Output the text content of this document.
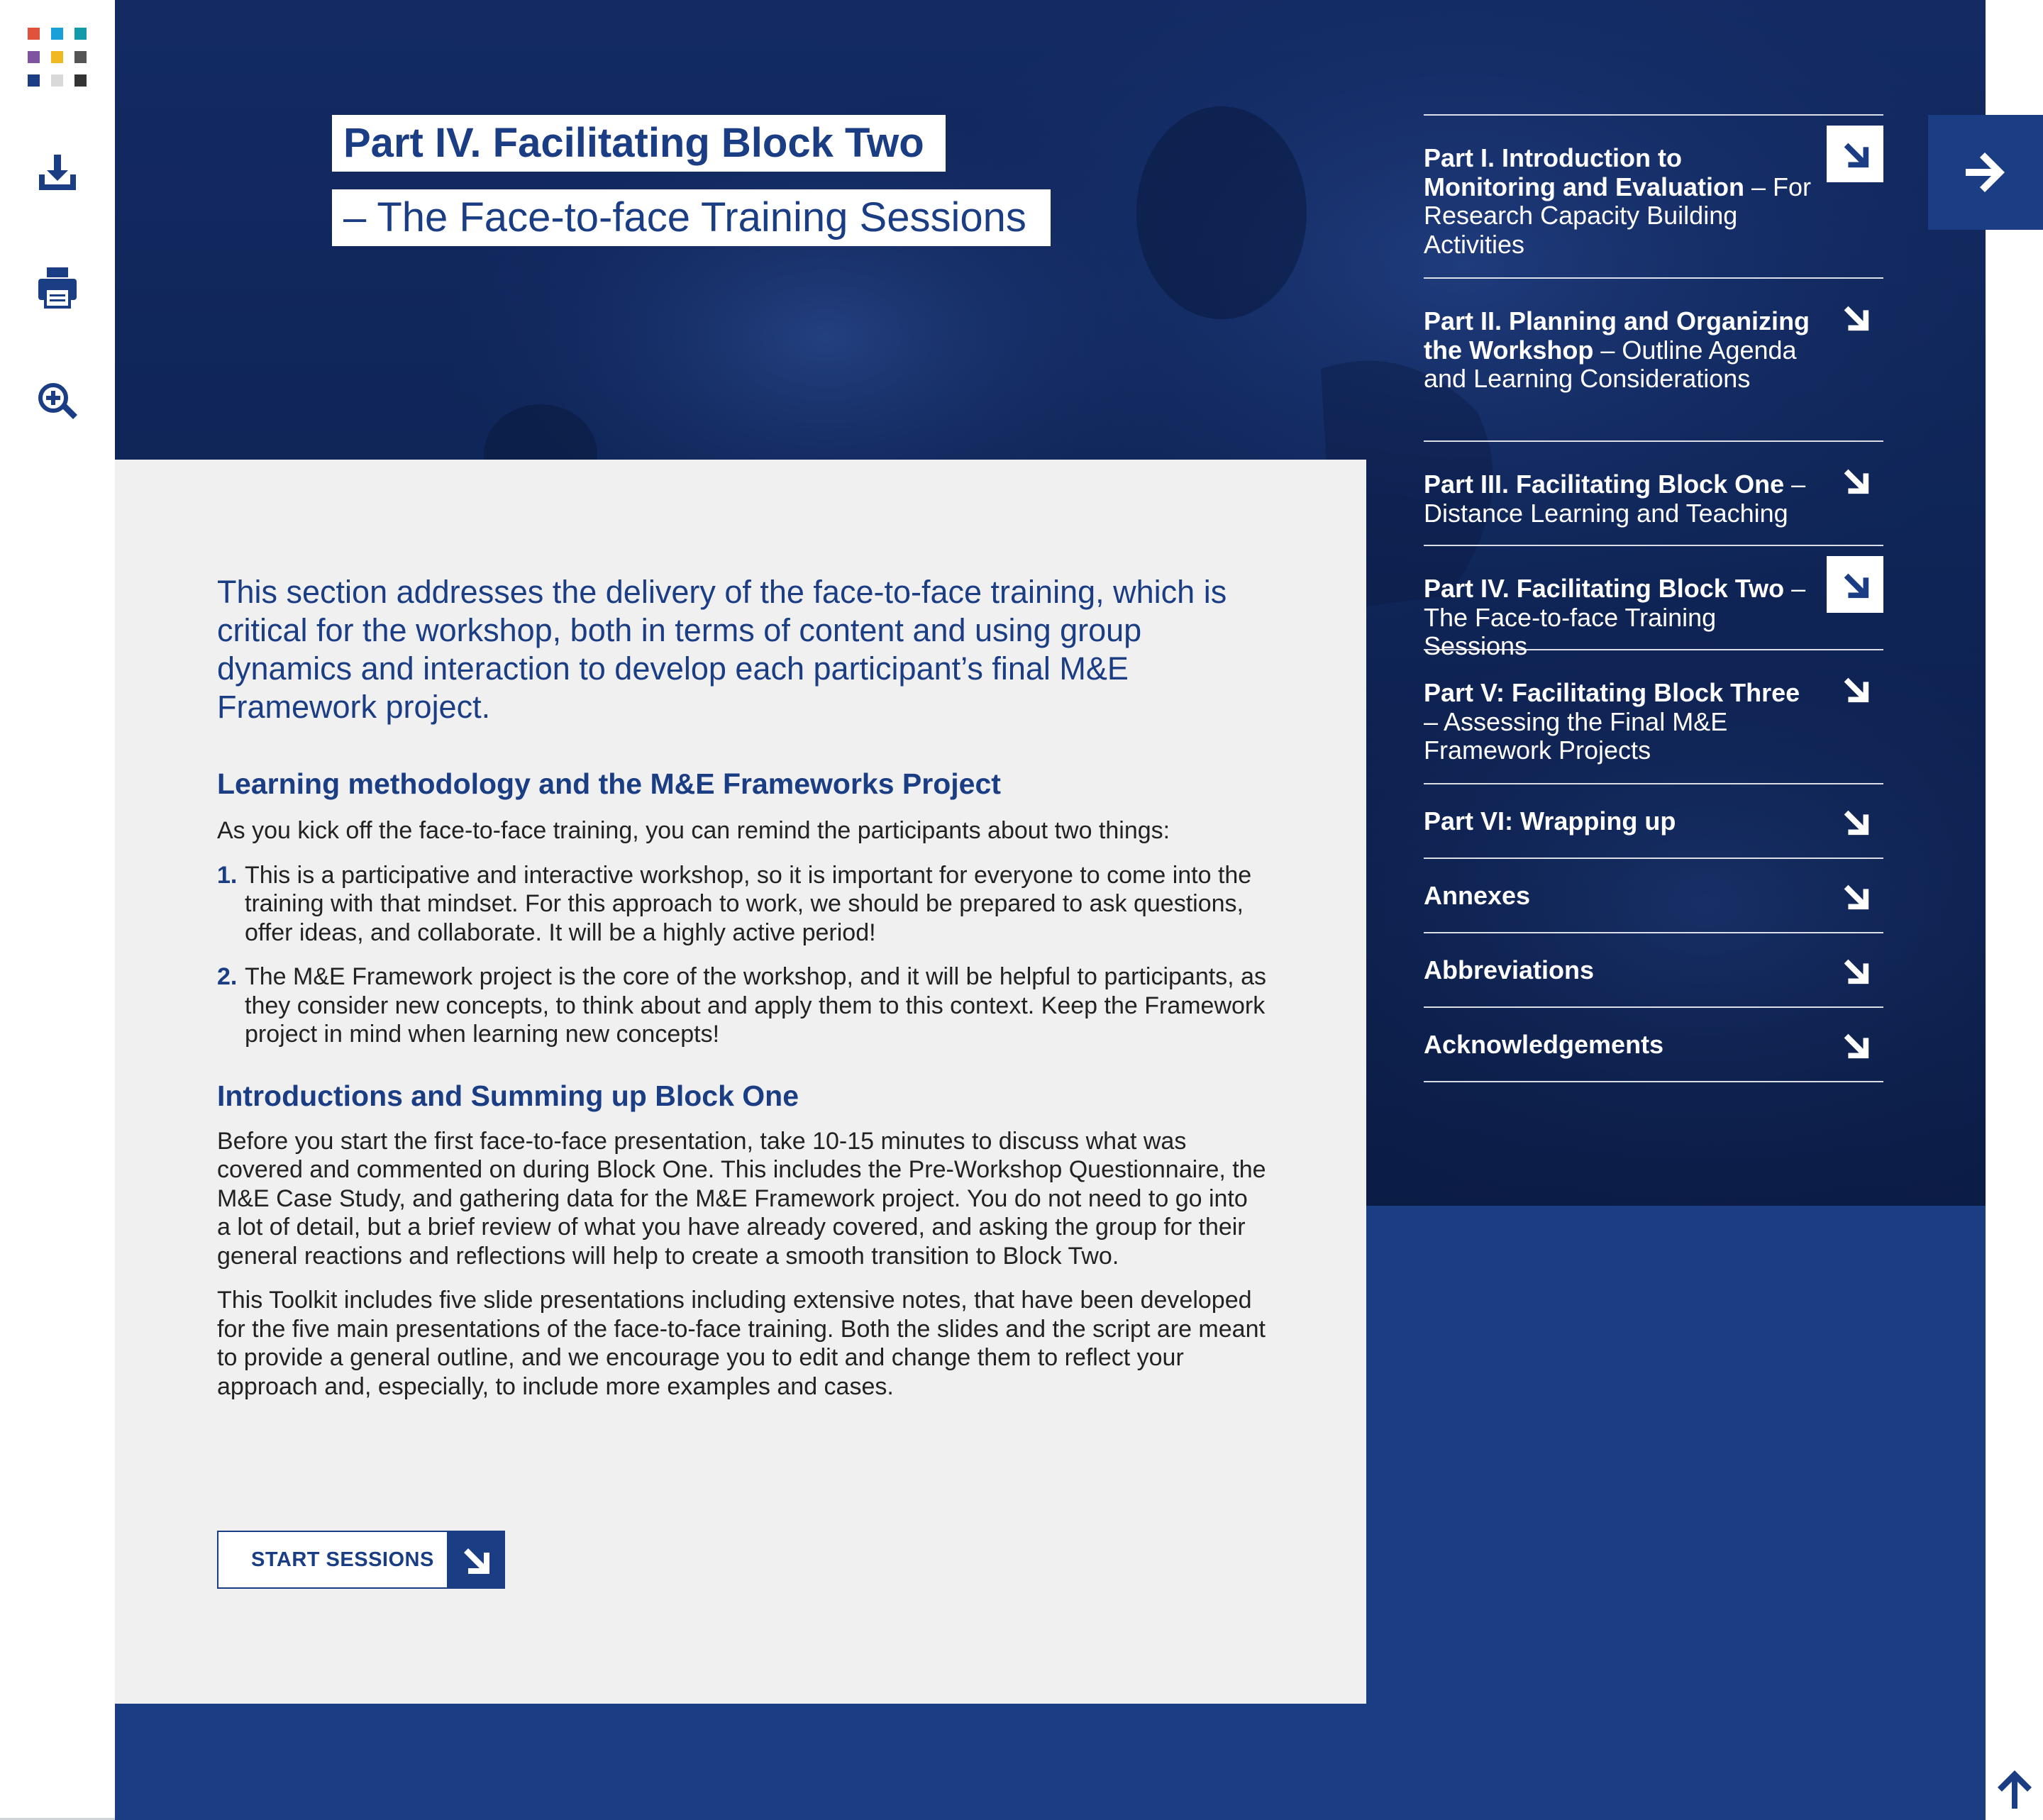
Part IV. Facilitating Block Two
– The Face-to-face Training Sessions

This section addresses the delivery of the face-to-face training, which is critical for the workshop, both in terms of content and using group dynamics and interaction to develop each participant’s final M&E Framework project.

Learning methodology and the M&E Frameworks Project

As you kick off the face-to-face training, you can remind the participants about two things:

1. This is a participative and interactive workshop, so it is important for everyone to come into the training with that mindset. For this approach to work, we should be prepared to ask questions, offer ideas, and collaborate. It will be a highly active period!
2. The M&E Framework project is the core of the workshop, and it will be helpful to participants, as they consider new concepts, to think about and apply them to this context. Keep the Framework project in mind when learning new concepts!
Introductions and Summing up Block One

Before you start the first face-to-face presentation, take 10-15 minutes to discuss what was covered and commented on during Block One. This includes the Pre-Workshop Questionnaire, the M&E Case Study, and gathering data for the M&E Framework project. You do not need to go into a lot of detail, but a brief review of what you have already covered, and asking the group for their general reactions and reflections will help to create a smooth transition to Block Two.

This Toolkit includes five slide presentations including extensive notes, that have been developed for the five main presentations of the face-to-face training. Both the slides and the script are meant to provide a general outline, and we encourage you to edit and change them to reflect your approach and, especially, to include more examples and cases.

START SESSIONS
Part I. Introduction to Monitoring and Evaluation – For Research Capacity Building Activities
Part II. Planning and Organizing the Workshop – Outline Agenda and Learning Considerations
Part III. Facilitating Block One – Distance Learning and Teaching
Part IV. Facilitating Block Two – The Face-to-face Training Sessions
Part V: Facilitating Block Three – Assessing the Final M&E Framework Projects
Part VI: Wrapping up
Annexes
Abbreviations
Acknowledgements
